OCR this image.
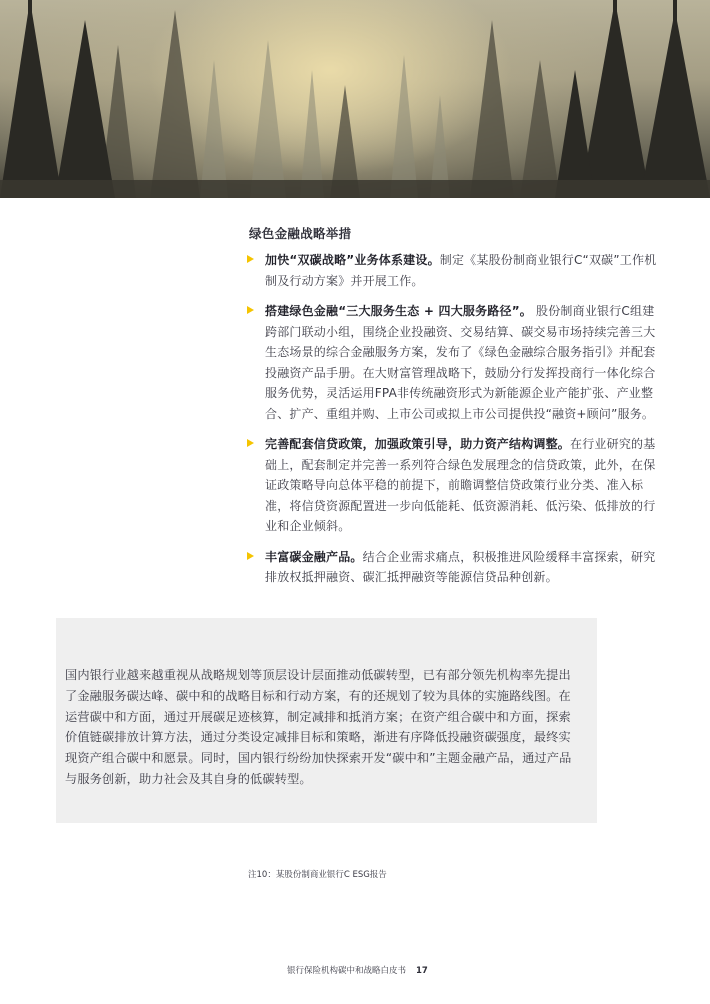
绿色金融战略举措
加快“双碳战略”业务体系建设。制定《某股份制商业银行C“双碳”工作机制及行动方案》并开展工作。
搭建绿色金融“三大服务生态 + 四大服务路径”。 股份制商业银行C组建跨部门联动小组，围绕企业投融资、交易结算、碳交易市场持续完善三大生态场景的综合金融服务方案，发布了《绿色金融综合服务指引》并配套投融资产品手册。在大财富管理战略下，鼓励分行发挥投商行一体化综合服务优势，灵活运用FPA非传统融资形式为新能源企业产能扩张、产业整合、扩产、重组并购、上市公司或拟上市公司提供投“融资+顾问”服务。
完善配套信贷政策，加强政策引导，助力资产结构调整。在行业研究的基础上，配套制定并完善一系列符合绿色发展理念的信贷政策，此外，在保证政策略导向总体平稳的前提下，前瞻调整信贷政策行业分类、准入标准，将信贷资源配置进一步向低能耗、低资源消耗、低污染、低排放的行业和企业倾斜。
丰富碳金融产品。结合企业需求痛点，积极推进风险缓释丰富探索，研究排放权抵押融资、碳汇抵押融资等能源信贷品种创新。

国内银行业越来越重视从战略规划等顶层设计层面推动低碳转型，已有部分领先机构率先提出了金融服务碳达峰、碳中和的战略目标和行动方案，有的还规划了较为具体的实施路线图。在运营碳中和方面，通过开展碳足迹核算，制定减排和抵消方案；在资产组合碳中和方面，探索价值链碳排放计算方法，通过分类设定减排目标和策略，渐进有序降低投融资碳强度，最终实现资产组合碳中和愿景。同时，国内银行纷纷加快探索开发“碳中和”主题金融产品，通过产品与服务创新，助力社会及其自身的低碳转型。

注10：某股份制商业银行C ESG报告
银行保险机构碳中和战略白皮书 17
